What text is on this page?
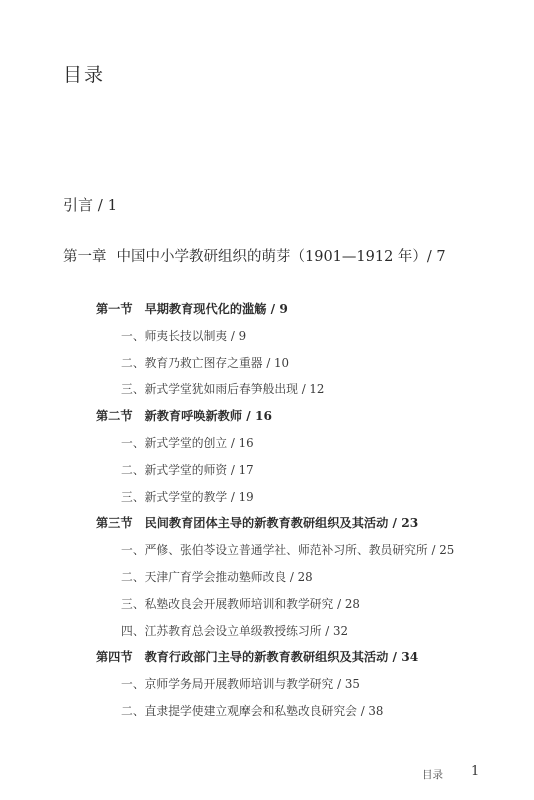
目录
引言 / 1
第一章 中国中小学教研组织的萌芽（1901—1912 年）/ 7
第一节 早期教育现代化的滥觞 / 9
一、师夷长技以制夷 / 9
二、教育乃救亡图存之重器 / 10
三、新式学堂犹如雨后春笋般出现 / 12
第二节 新教育呼唤新教师 / 16
一、新式学堂的创立 / 16
二、新式学堂的师资 / 17
三、新式学堂的教学 / 19
第三节 民间教育团体主导的新教育教研组织及其活动 / 23
一、严修、张伯苓设立普通学社、师范补习所、教员研究所 / 25
二、天津广育学会推动塾师改良 / 28
三、私塾改良会开展教师培训和教学研究 / 28
四、江苏教育总会设立单级教授练习所 / 32
第四节 教育行政部门主导的新教育教研组织及其活动 / 34
一、京师学务局开展教师培训与教学研究 / 35
二、直隶提学使建立观摩会和私塾改良研究会 / 38
目录 1
